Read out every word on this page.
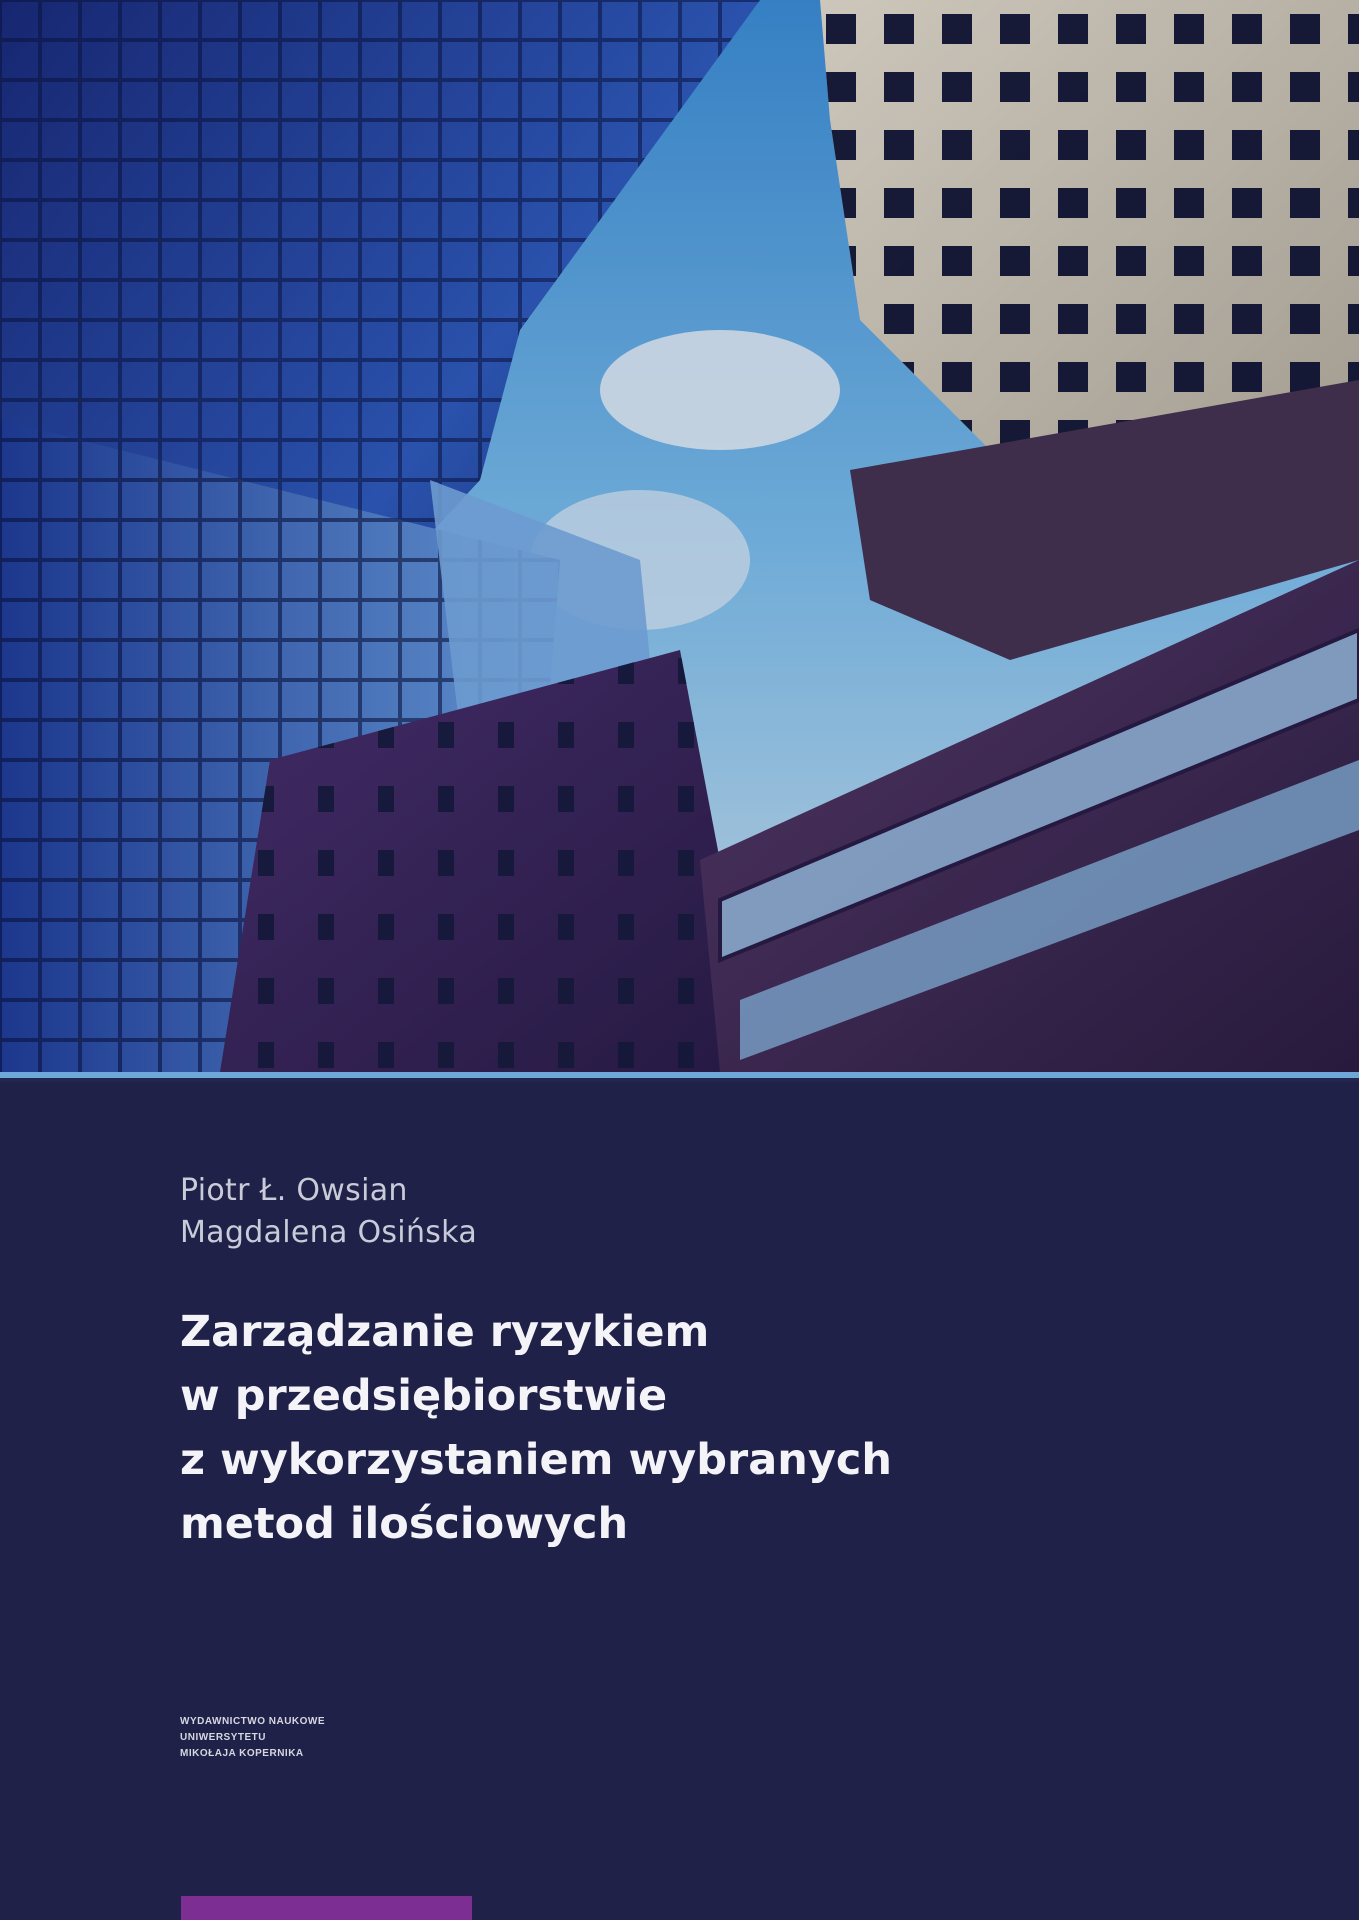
Piotr Ł. Owsian
Magdalena Osińska
Zarządzanie ryzykiem
w przedsiębiorstwie
z wykorzystaniem wybranych
metod ilościowych
WYDAWNICTWO NAUKOWE
UNIWERSYTETU
MIKOŁAJA KOPERNIKA
